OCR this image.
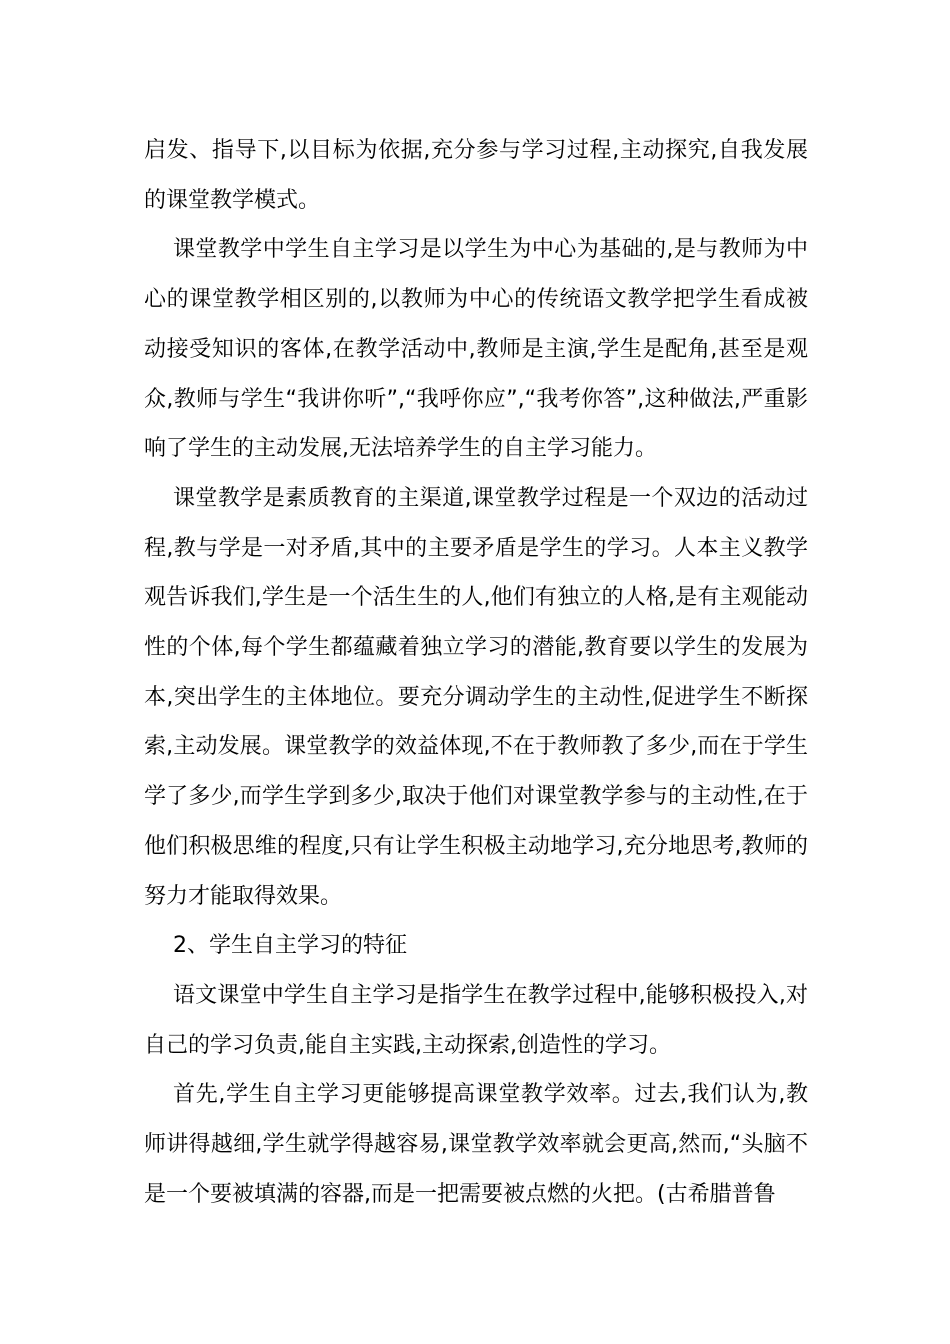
启发、指导下,以目标为依据,充分参与学习过程,主动探究,自我发展的课堂教学模式。

课堂教学中学生自主学习是以学生为中心为基础的,是与教师为中心的课堂教学相区别的,以教师为中心的传统语文教学把学生看成被动接受知识的客体,在教学活动中,教师是主演,学生是配角,甚至是观众,教师与学生“我讲你听”,“我呼你应”,“我考你答”,这种做法,严重影响了学生的主动发展,无法培养学生的自主学习能力。

课堂教学是素质教育的主渠道,课堂教学过程是一个双边的活动过程,教与学是一对矛盾,其中的主要矛盾是学生的学习。人本主义教学观告诉我们,学生是一个活生生的人,他们有独立的人格,是有主观能动性的个体,每个学生都蕴藏着独立学习的潜能,教育要以学生的发展为本,突出学生的主体地位。要充分调动学生的主动性,促进学生不断探索,主动发展。课堂教学的效益体现,不在于教师教了多少,而在于学生学了多少,而学生学到多少,取决于他们对课堂教学参与的主动性,在于他们积极思维的程度,只有让学生积极主动地学习,充分地思考,教师的努力才能取得效果。

2、学生自主学习的特征

语文课堂中学生自主学习是指学生在教学过程中,能够积极投入,对自己的学习负责,能自主实践,主动探索,创造性的学习。

首先,学生自主学习更能够提高课堂教学效率。过去,我们认为,教师讲得越细,学生就学得越容易,课堂教学效率就会更高,然而,“头脑不是一个要被填满的容器,而是一把需要被点燃的火把。(古希腊普鲁
